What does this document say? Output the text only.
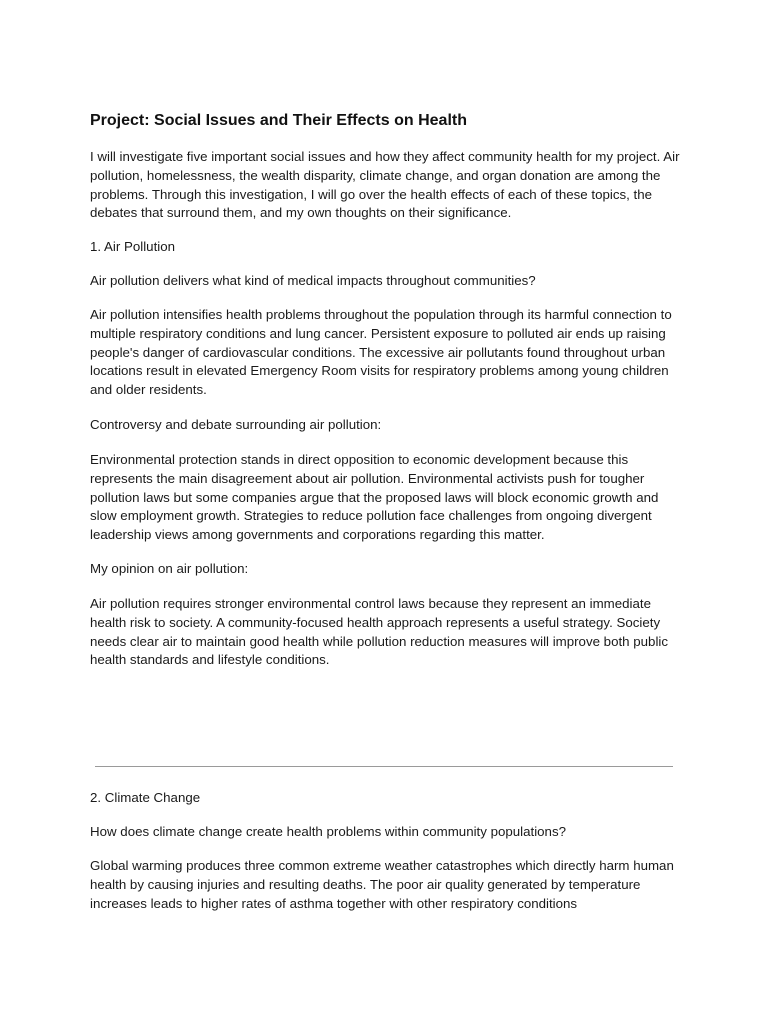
Project: Social Issues and Their Effects on Health

I will investigate five important social issues and how they affect community health for my project. Air pollution, homelessness, the wealth disparity, climate change, and organ donation are among the problems. Through this investigation, I will go over the health effects of each of these topics, the debates that surround them, and my own thoughts on their significance.

1. Air Pollution

Air pollution delivers what kind of medical impacts throughout communities?

Air pollution intensifies health problems throughout the population through its harmful connection to multiple respiratory conditions and lung cancer. Persistent exposure to polluted air ends up raising people's danger of cardiovascular conditions. The excessive air pollutants found throughout urban locations result in elevated Emergency Room visits for respiratory problems among young children and older residents.

Controversy and debate surrounding air pollution:

Environmental protection stands in direct opposition to economic development because this represents the main disagreement about air pollution. Environmental activists push for tougher pollution laws but some companies argue that the proposed laws will block economic growth and slow employment growth. Strategies to reduce pollution face challenges from ongoing divergent leadership views among governments and corporations regarding this matter.

My opinion on air pollution:

Air pollution requires stronger environmental control laws because they represent an immediate health risk to society. A community-focused health approach represents a useful strategy. Society needs clear air to maintain good health while pollution reduction measures will improve both public health standards and lifestyle conditions.

2. Climate Change

How does climate change create health problems within community populations?

Global warming produces three common extreme weather catastrophes which directly harm human health by causing injuries and resulting deaths. The poor air quality generated by temperature increases leads to higher rates of asthma together with other respiratory conditions
